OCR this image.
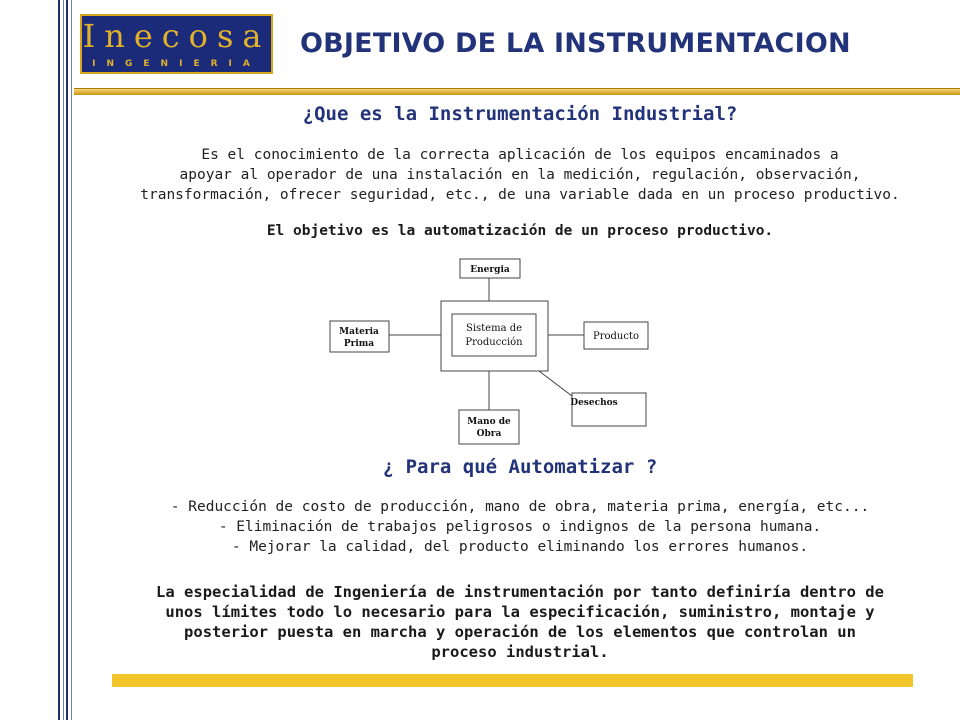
Inecosa
INGENIERIA
OBJETIVO DE LA INSTRUMENTACION
¿Que es la Instrumentación Industrial?
Es el conocimiento de la correcta aplicación de los equipos encaminados a
apoyar al operador de una instalación en la medición, regulación, observación,
transformación, ofrecer seguridad, etc., de una variable dada en un proceso productivo.
El objetivo es la automatización de un proceso productivo.
Sistema de
Producción
Energia
Materia
Prima
Producto
Desechos
Mano de
Obra
¿ Para qué Automatizar ?
- Reducción de costo de producción, mano de obra, materia prima, energía, etc...
- Eliminación de trabajos peligrosos o indignos de la persona humana.
- Mejorar la calidad, del producto eliminando los errores humanos.
La especialidad de Ingeniería de instrumentación por tanto definiría dentro de
unos límites todo lo necesario para la especificación, suministro, montaje y
posterior puesta en marcha y operación de los elementos que controlan un
proceso industrial.
